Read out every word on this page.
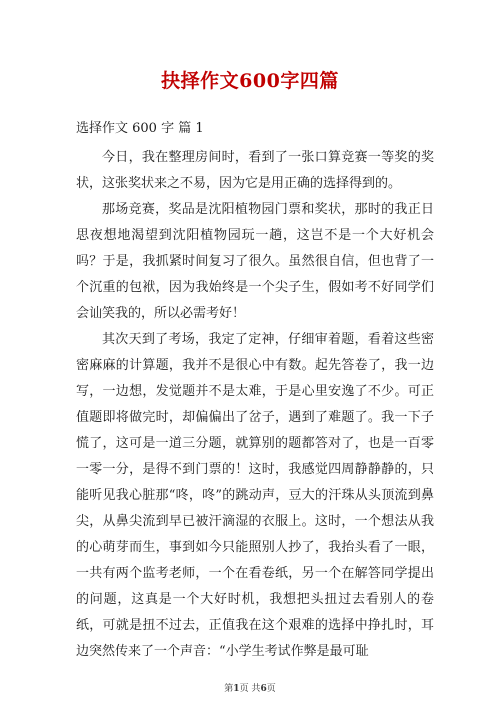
抉择作文600字四篇
选择作文 600 字 篇 1

今日，我在整理房间时，看到了一张口算竞赛一等奖的奖状，这张奖状来之不易，因为它是用正确的选择得到的。

那场竞赛，奖品是沈阳植物园门票和奖状，那时的我正日思夜想地渴望到沈阳植物园玩一趟，这岂不是一个大好机会吗？于是，我抓紧时间复习了很久。虽然很自信，但也背了一个沉重的包袱，因为我始终是一个尖子生，假如考不好同学们会讪笑我的，所以必需考好！

其次天到了考场，我定了定神，仔细审着题，看着这些密密麻麻的计算题，我并不是很心中有数。起先答卷了，我一边写，一边想，发觉题并不是太难，于是心里安逸了不少。可正值题即将做完时，却偏偏出了岔子，遇到了难题了。我一下子慌了，这可是一道三分题，就算别的题都答对了，也是一百零一零一分，是得不到门票的！这时，我感觉四周静静静的，只能听见我心脏那“咚，咚”的跳动声，豆大的汗珠从头顶流到鼻尖，从鼻尖流到早已被汗滴湿的衣服上。这时，一个想法从我的心萌芽而生，事到如今只能照别人抄了，我抬头看了一眼，一共有两个监考老师，一个在看卷纸，另一个在解答同学提出的问题，这真是一个大好时机，我想把头扭过去看别人的卷纸，可就是扭不过去，正值我在这个艰难的选择中挣扎时，耳边突然传来了一个声音：“小学生考试作弊是最可耻

第1页 共6页
